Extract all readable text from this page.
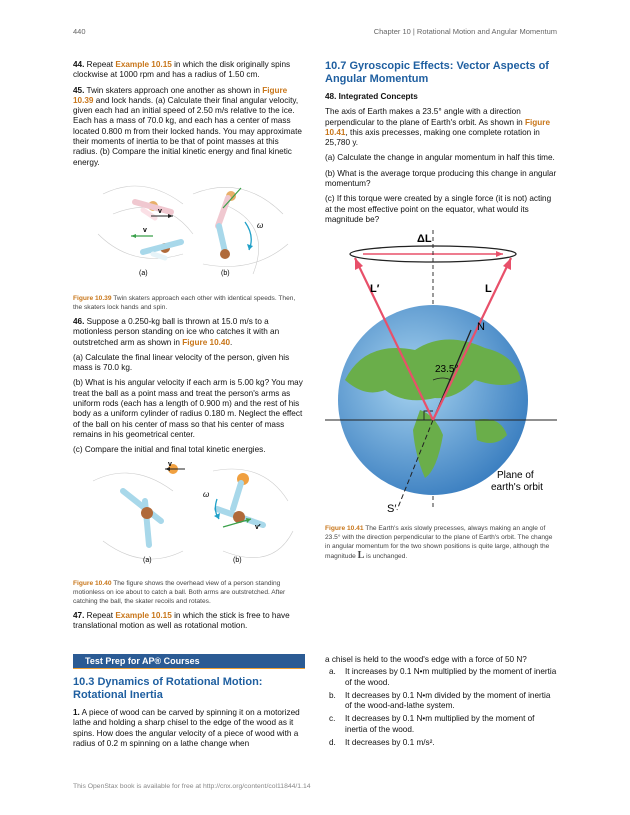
440	Chapter 10 | Rotational Motion and Angular Momentum

44. Repeat Example 10.15 in which the disk originally spins clockwise at 1000 rpm and has a radius of 1.50 cm.

45. Twin skaters approach one another as shown in Figure 10.39 and lock hands. (a) Calculate their final angular velocity, given each had an initial speed of 2.50 m/s relative to the ice. Each has a mass of 70.0 kg, and each has a center of mass located 0.800 m from their locked hands. You may approximate their moments of inertia to be that of point masses at this radius. (b) Compare the initial kinetic energy and final kinetic energy.

v
v
(a)
ω
(b)

Figure 10.39 Twin skaters approach each other with identical speeds. Then, the skaters lock hands and spin.

46. Suppose a 0.250-kg ball is thrown at 15.0 m/s to a motionless person standing on ice who catches it with an outstretched arm as shown in Figure 10.40.

(a) Calculate the final linear velocity of the person, given his mass is 70.0 kg.

(b) What is his angular velocity if each arm is 5.00 kg? You may treat the ball as a point mass and treat the person's arms as uniform rods (each has a length of 0.900 m) and the rest of his body as a uniform cylinder of radius 0.180 m. Neglect the effect of the ball on his center of mass so that his center of mass remains in his geometrical center.

(c) Compare the initial and final total kinetic energies.

v
(a)
ω
v′
(b)

Figure 10.40 The figure shows the overhead view of a person standing motionless on ice about to catch a ball. Both arms are outstretched. After catching the ball, the skater recoils and rotates.

47. Repeat Example 10.15 in which the stick is free to have translational motion as well as rotational motion.

10.7 Gyroscopic Effects: Vector Aspects of Angular Momentum

48. Integrated Concepts

The axis of Earth makes a 23.5° angle with a direction perpendicular to the plane of Earth's orbit. As shown in Figure 10.41, this axis precesses, making one complete rotation in 25,780 y.

(a) Calculate the change in angular momentum in half this time.

(b) What is the average torque producing this change in angular momentum?

(c) If this torque were created by a single force (it is not) acting at the most effective point on the equator, what would its magnitude be?

ΔL
L′	L
N
23.5°
S′
Plane of
earth's orbit

Figure 10.41 The Earth's axis slowly precesses, always making an angle of 23.5° with the direction perpendicular to the plane of Earth's orbit. The change in angular momentum for the two shown positions is quite large, although the magnitude L is unchanged.

Test Prep for AP® Courses
10.3 Dynamics of Rotational Motion: Rotational Inertia

1. A piece of wood can be carved by spinning it on a motorized lathe and holding a sharp chisel to the edge of the wood as it spins. How does the angular velocity of a piece of wood with a radius of 0.2 m spinning on a lathe change when

a chisel is held to the wood's edge with a force of 50 N?

a. It increases by 0.1 N•m multiplied by the moment of inertia of the wood.
b. It decreases by 0.1 N•m divided by the moment of inertia of the wood-and-lathe system.
c. It decreases by 0.1 N•m multiplied by the moment of inertia of the wood.
d. It decreases by 0.1 m/s².
This OpenStax book is available for free at http://cnx.org/content/col11844/1.14
